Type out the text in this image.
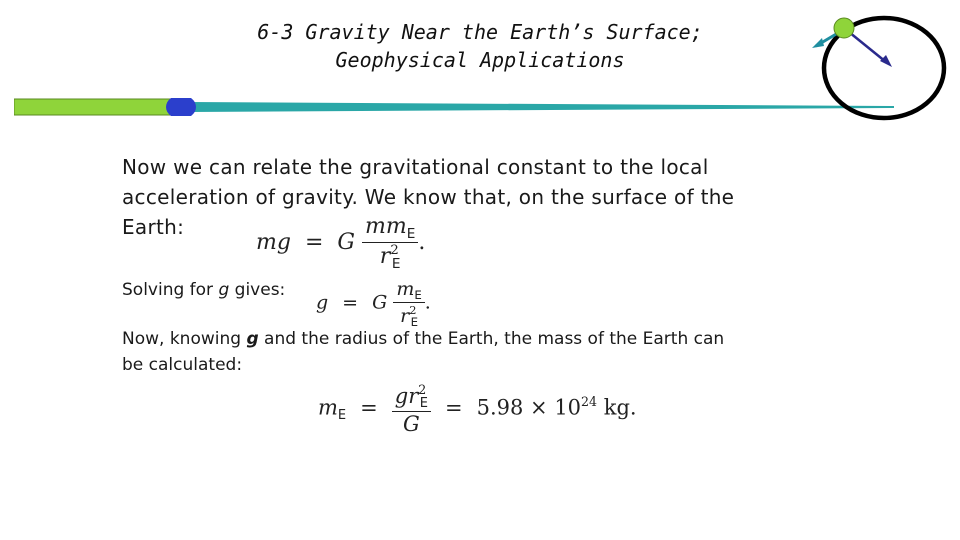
6-3 Gravity Near the Earth’s Surface;
Geophysical Applications
Now we can relate the gravitational constant to the local
acceleration of gravity. We know that, on the surface of the
Earth:
mg = G $\frac{mm_E}{r^2_E}$ .
Solving for g gives:
g = G $\frac{m_E}{r^2_E}$ .
Now, knowing g and the radius of the Earth, the mass of the Earth can
be calculated:
$m_E = \frac{gr^2_E}{G} = 5.98 \times 10^{24}$ kg.
